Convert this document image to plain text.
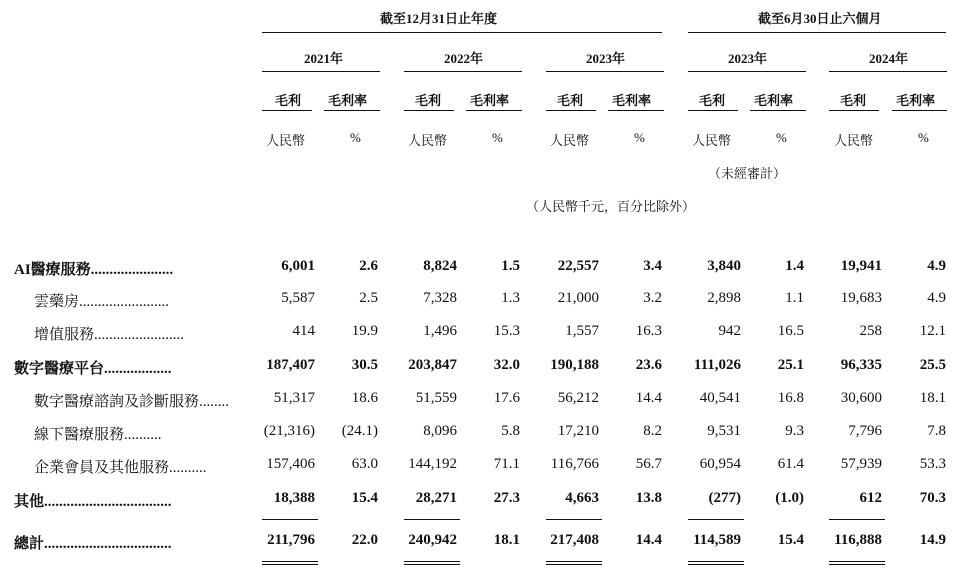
截至12月31日止年度	截至6月30日止六個月
2021年	2022年	2023年	2023年	2024年
毛利 毛利率	毛利 毛利率	毛利 毛利率	毛利 毛利率	毛利 毛利率
人民幣	%	人民幣	%	人民幣	%	人民幣	%	人民幣	%
（未經審計）
（人民幣千元，百分比除外）
AI醫療服務......................	6,001	2.6	8,824	1.5	22,557	3.4	3,840	1.4 19,941	4.9
雲藥房........................	5,587	2.5	7,328	1.3	21,000	3.2	2,898	1.1 19,683	4.9
增值服務........................	414 19.9	1,496 15.3	1,557 16.3	942 16.5	258	12.1
數字醫療平台..................	187,407 30.5 203,847 32.0 190,188 23.6 111,026 25.1 96,335	25.5
數字醫療諮詢及診斷服務........	51,317 18.6	51,559 17.6	56,212 14.4	40,541 16.8 30,600	18.1
線下醫療服務..........	(21,316) (24.1)	8,096	5.8	17,210	8.2	9,531	9.3	7,796	7.8
企業會員及其他服務..........	157,406 63.0 144,192 71.1 116,766 56.7	60,954 61.4 57,939	53.3
其他..................................	18,388 15.4	28,271 27.3	4,663 13.8	(277) (1.0)	612	70.3
總計..................................	211,796 22.0 240,942 18.1 217,408 14.4 114,589 15.4 116,888	14.9
